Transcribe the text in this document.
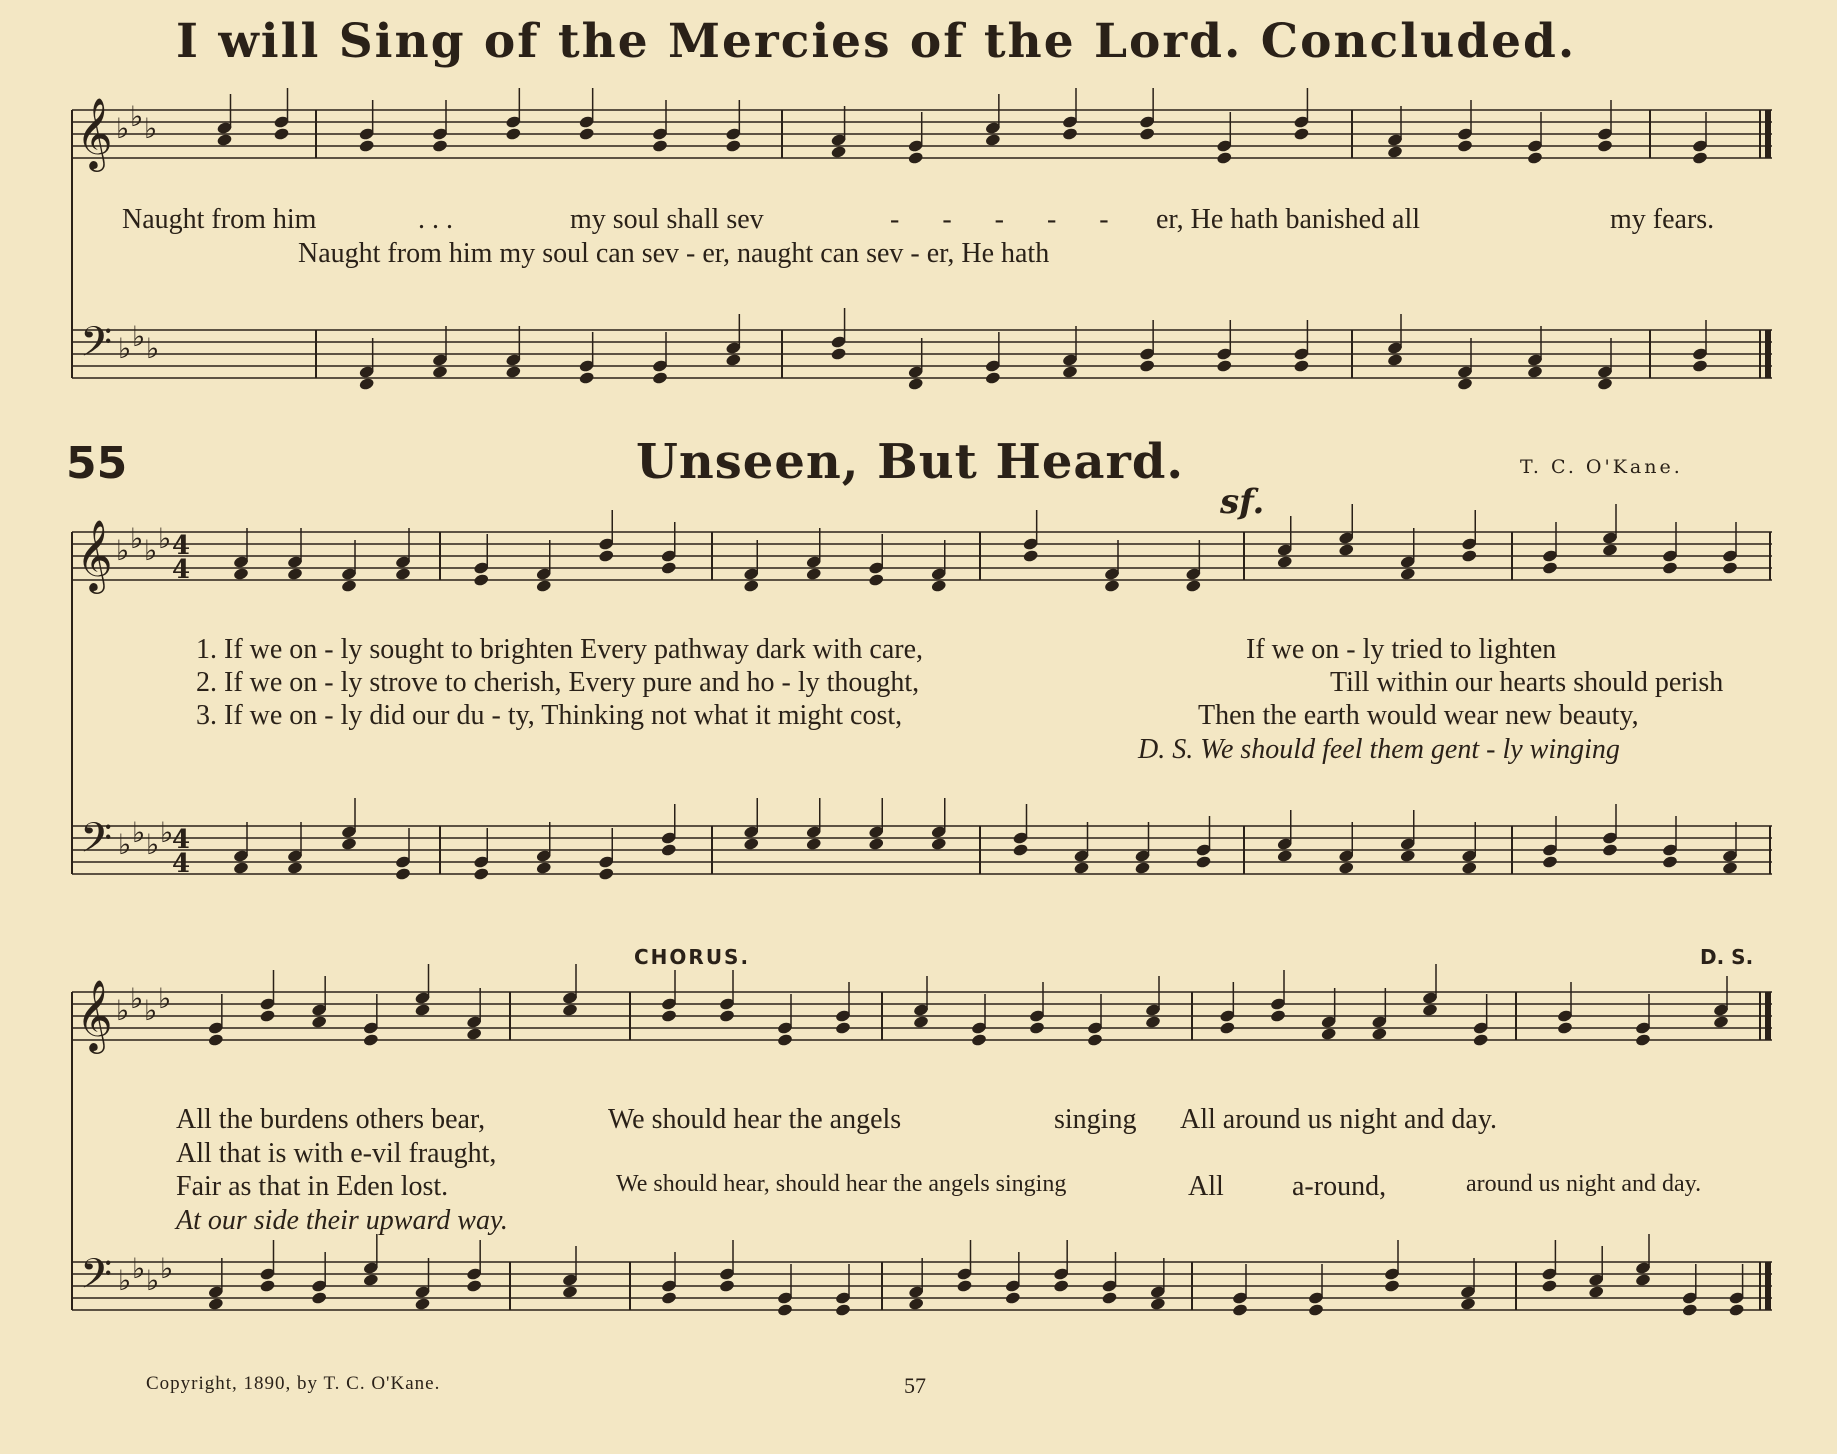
𝄞 ♭ ♭ ♭
𝄢 ♭ ♭ ♭
𝄞 ♭ ♭ ♭ ♭
𝄢 ♭ ♭ ♭ ♭
4
4
4
4
𝄞 ♭ ♭ ♭ ♭
𝄢 ♭ ♭ ♭ ♭
I will Sing of the Mercies of the Lord. Concluded.
Naught from him	. . .	my soul shall sev	- - - - - er, He hath banished all	my fears.
Naught from him my soul can sev - er, naught can sev - er, He hath
55	Unseen, But Heard.	T. C. O'Kane.
sf.
1. If we on - ly sought to brighten Every pathway dark with care,
2. If we on - ly strove to cherish, Every pure and ho - ly thought,
3. If we on - ly did our du - ty, Thinking not what it might cost,
If we on - ly tried to lighten
Till within our hearts should perish
Then the earth would wear new beauty,
D. S. We should feel them gent - ly winging
CHORUS.	D. S.
All the burdens others bear,	We should hear the angels	singing All around us night and day.
All that is with e-vil fraught,
Fair as that in Eden lost.	We should hear, should hear the angels singing	All a-round,	around us night and day.
At our side their upward way.
Copyright, 1890, by T. C. O'Kane.	57
